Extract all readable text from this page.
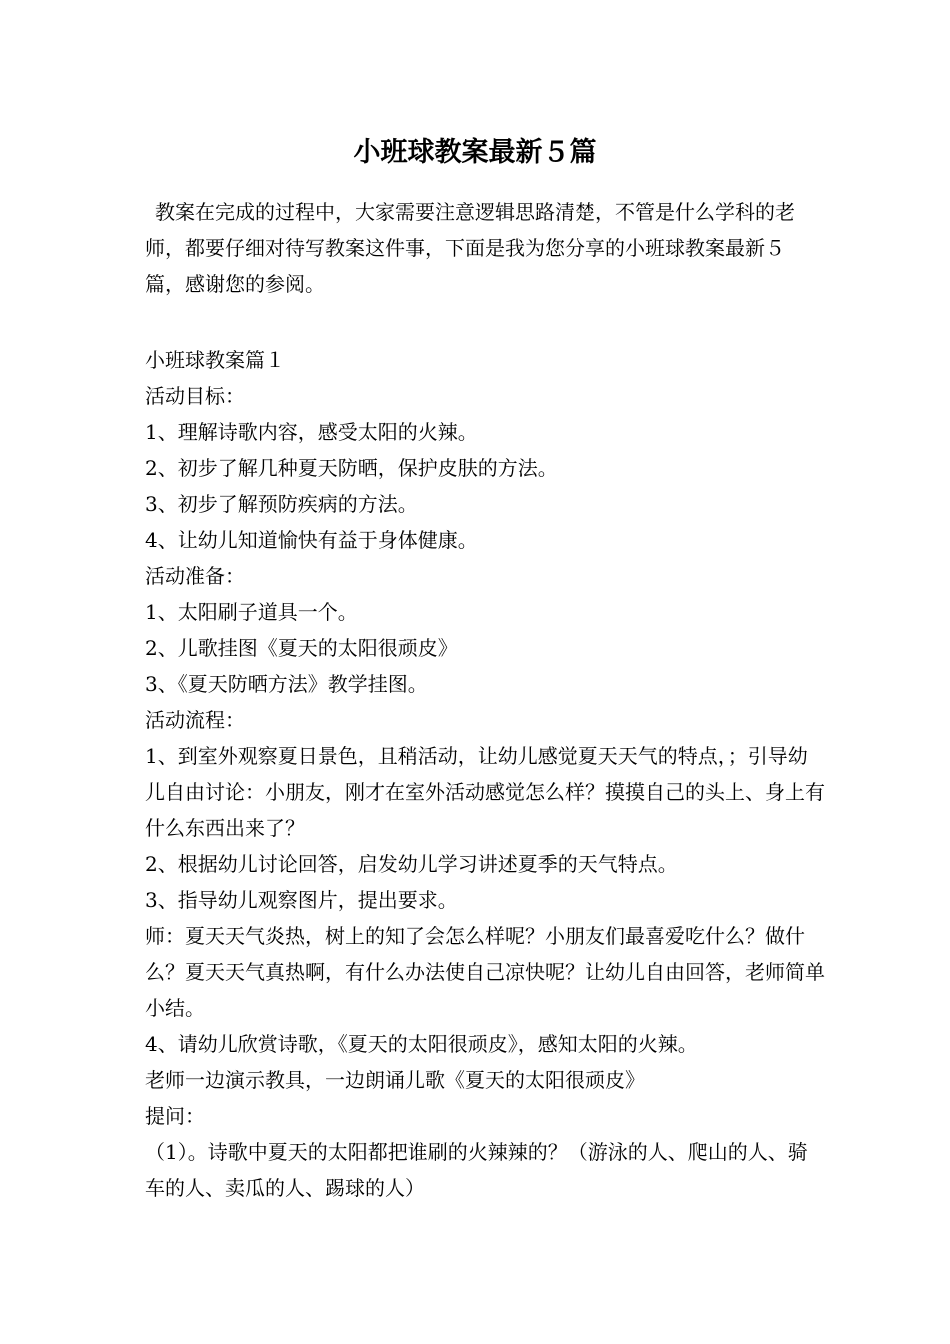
小班球教案最新５篇

教案在完成的过程中，大家需要注意逻辑思路清楚，不管是什么学科的老师，都要仔细对待写教案这件事，下面是我为您分享的小班球教案最新５篇，感谢您的参阅。

小班球教案篇１

活动目标：

1、理解诗歌内容，感受太阳的火辣。

2、初步了解几种夏天防晒，保护皮肤的方法。

3、初步了解预防疾病的方法。

4、让幼儿知道愉快有益于身体健康。

活动准备：

1、太阳刷子道具一个。

2、儿歌挂图《夏天的太阳很顽皮》

3、《夏天防晒方法》教学挂图。

活动流程：

1、到室外观察夏日景色，且稍活动，让幼儿感觉夏天天气的特点，；引导幼儿自由讨论：小朋友，刚才在室外活动感觉怎么样？摸摸自己的头上、身上有什么东西出来了？

2、根据幼儿讨论回答，启发幼儿学习讲述夏季的天气特点。

3、指导幼儿观察图片，提出要求。

师：夏天天气炎热，树上的知了会怎么样呢？小朋友们最喜爱吃什么？做什么？夏天天气真热啊，有什么办法使自己凉快呢？让幼儿自由回答，老师简单小结。

4、请幼儿欣赏诗歌，《夏天的太阳很顽皮》，感知太阳的火辣。

老师一边演示教具，一边朗诵儿歌《夏天的太阳很顽皮》

提问：

（1）。诗歌中夏天的太阳都把谁刷的火辣辣的？（游泳的人、爬山的人、骑车的人、卖瓜的人、踢球的人）
